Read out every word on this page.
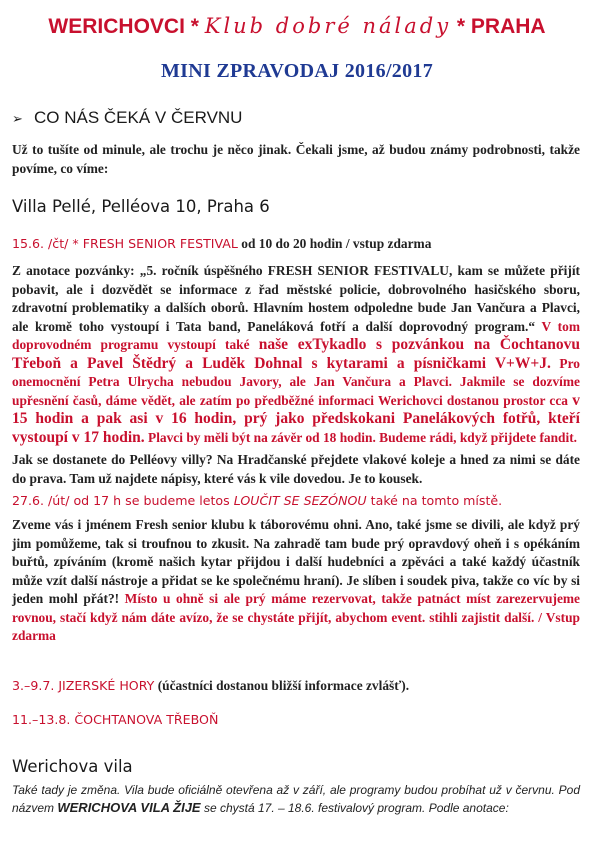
WERICHOVCI * Klub dobré nálady * PRAHA
MINI ZPRAVODAJ 2016/2017
➢ CO NÁS ČEKÁ V ČERVNU
Už to tušíte od minule, ale trochu je něco jinak. Čekali jsme, až budou známy podrobnosti, takže povíme, co víme:
Villa Pellé, Pelléova 10, Praha 6
15.6. /čt/ * FRESH SENIOR FESTIVAL od 10 do 20 hodin / vstup zdarma
Z anotace pozvánky: „5. ročník úspěšného FRESH SENIOR FESTIVALU, kam se můžete přijít pobavit, ale i dozvědět se informace z řad městské policie, dobrovolného hasičského sboru, zdravotní problematiky a dalších oborů. Hlavním hostem odpoledne bude Jan Vančura a Plavci, ale kromě toho vystoupí i Tata band, Paneláková fotří a další doprovodný program.“ V tom doprovodném programu vystoupí také naše exTykadlo s pozvánkou na Čochtanovu Třeboň a Pavel Štědrý a Luděk Dohnal s kytarami a písničkami V+W+J. Pro onemocnění Petra Ulrycha nebudou Javory, ale Jan Vančura a Plavci. Jakmile se dozvíme upřesnění časů, dáme vědět, ale zatím po předběžné informaci Werichovci dostanou prostor cca v 15 hodin a pak asi v 16 hodin, prý jako předskokani Panelákových fotřů, kteří vystoupí v 17 hodin. Plavci by měli být na závěr od 18 hodin. Budeme rádi, když přijdete fandit.
Jak se dostanete do Pelléovy villy? Na Hradčanské přejdete vlakové koleje a hned za nimi se dáte do prava. Tam už najdete nápisy, které vás k vile dovedou. Je to kousek.
27.6. /út/ od 17 h se budeme letos LOUČIT SE SEZÓNOU také na tomto místě.
Zveme vás i jménem Fresh senior klubu k táborovému ohni. Ano, také jsme se divili, ale když prý jim pomůžeme, tak si troufnou to zkusit. Na zahradě tam bude prý opravdový oheň i s opékáním buřtů, zpíváním (kromě našich kytar přijdou i další hudebníci a zpěváci a také každý účastník může vzít další nástroje a přidat se ke společnému hraní). Je slíben i soudek piva, takže co víc by si jeden mohl přát?! Místo u ohně si ale prý máme rezervovat, takže patnáct míst zarezervujeme rovnou, stačí když nám dáte avízo, že se chystáte přijít, abychom event. stihli zajistit další. / Vstup zdarma
3.–9.7. JIZERSKÉ HORY (účastníci dostanou bližší informace zvlášť).
11.–13.8. ČOCHTANOVA TŘEBOŇ
Werichova vila
Také tady je změna. Vila bude oficiálně otevřena až v září, ale programy budou probíhat už v červnu. Pod názvem WERICHOVA VILA ŽIJE se chystá 17. – 18.6. festivalový program. Podle anotace:
